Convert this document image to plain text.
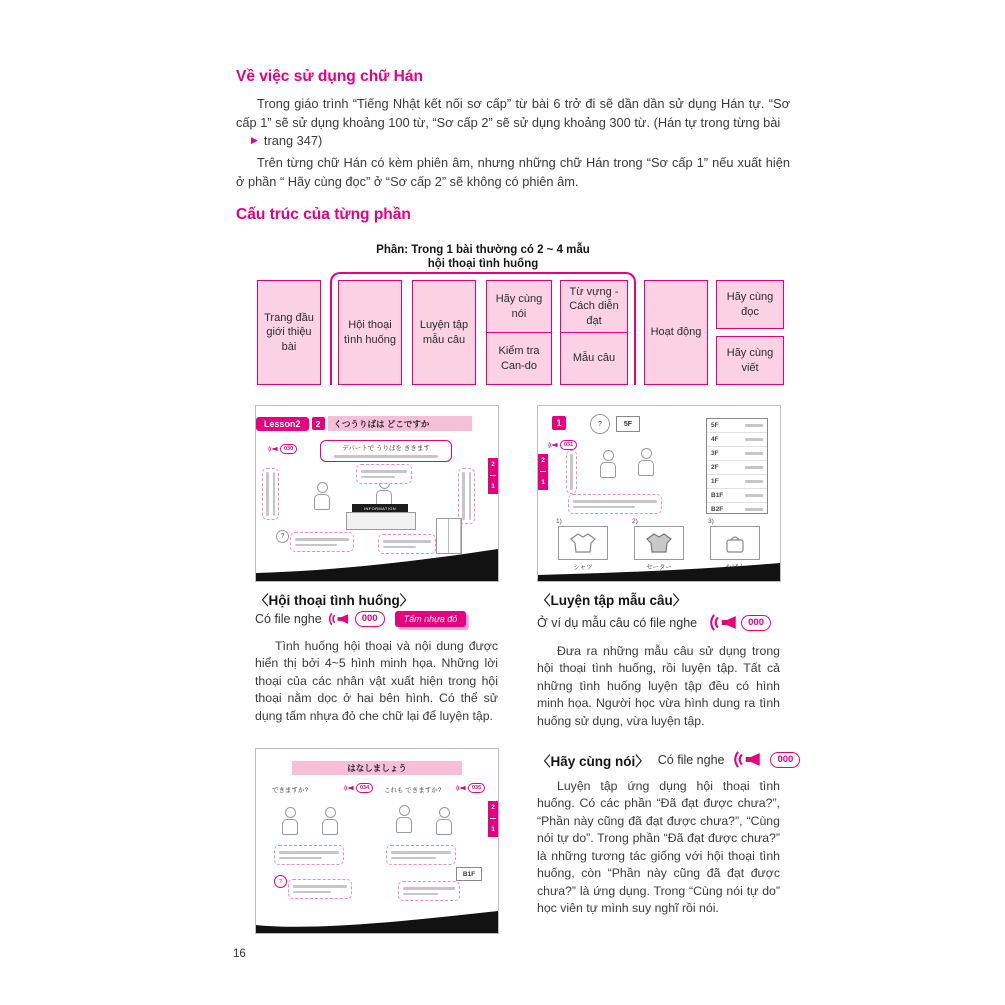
Về việc sử dụng chữ Hán
Trong giáo trình “Tiếng Nhật kết nối sơ cấp” từ bài 6 trở đi sẽ dần dần sử dụng Hán tự. “Sơ cấp 1” sẽ sử dụng khoảng 100 từ, “Sơ cấp 2” sẽ sử dụng khoảng 300 từ. (Hán tự trong từng bài
▶ trang 347)
Trên từng chữ Hán có kèm phiên âm, nhưng những chữ Hán trong “Sơ cấp 1” nếu xuất hiện ở phần “ Hãy cùng đọc” ở “Sơ cấp 2” sẽ không có phiên âm.
Cấu trúc của từng phần
Phần: Trong 1 bài thường có 2 ~ 4 mẫu
hội thoại tình huống
Trang đầu giới thiệu bài
Hội thoại tình huống
Luyện tập mẫu câu
Hãy cùng nói
Kiểm tra Can-do
Từ vựng - Cách diễn đạt
Mẫu câu
Hoạt động
Hãy cùng đọc
Hãy cùng viết
Lesson2	2	くつうりばは どこですか
030	デパートで うりばを ききます
INFORMATION
?
2
1
1	?	5F
031
5F
4F
3F
2F
1F
B1F
B2F
1)
シャツ
2)
セーター
3)
2
1
〈Hội thoại tình huống〉
Có file nghe	000	Tấm nhựa đỏ
Tình huống hội thoại và nội dung được hiển thị bởi 4~5 hình minh họa. Những lời thoại của các nhân vật xuất hiện trong hội thoại nằm dọc ở hai bên hình. Có thể sử dụng tấm nhựa đỏ che chữ lại để luyện tập.
はなしましょう
できますか?	034	これも できますか?	035
?
B1F
2
1
〈Luyện tập mẫu câu〉
Ở ví dụ mẫu câu có file nghe	000
Đưa ra những mẫu câu sử dụng trong hội thoại tình huống, rồi luyện tập. Tất cả những tình huống luyện tập đều có hình minh họa. Người học vừa hình dung ra tình huống sử dụng, vừa luyện tập.
〈Hãy cùng nói〉 Có file nghe	000
Luyện tập ứng dụng hội thoại tình huống. Có các phần “Đã đạt được chưa?”, “Phần này cũng đã đạt được chưa?”, “Cùng nói tự do”. Trong phần “Đã đạt được chưa?” là những tương tác giống với hội thoại tình huống, còn “Phần này cũng đã đạt được chưa?” là ứng dụng. Trong “Cùng nói tự do” học viên tự mình suy nghĩ rồi nói.
16
